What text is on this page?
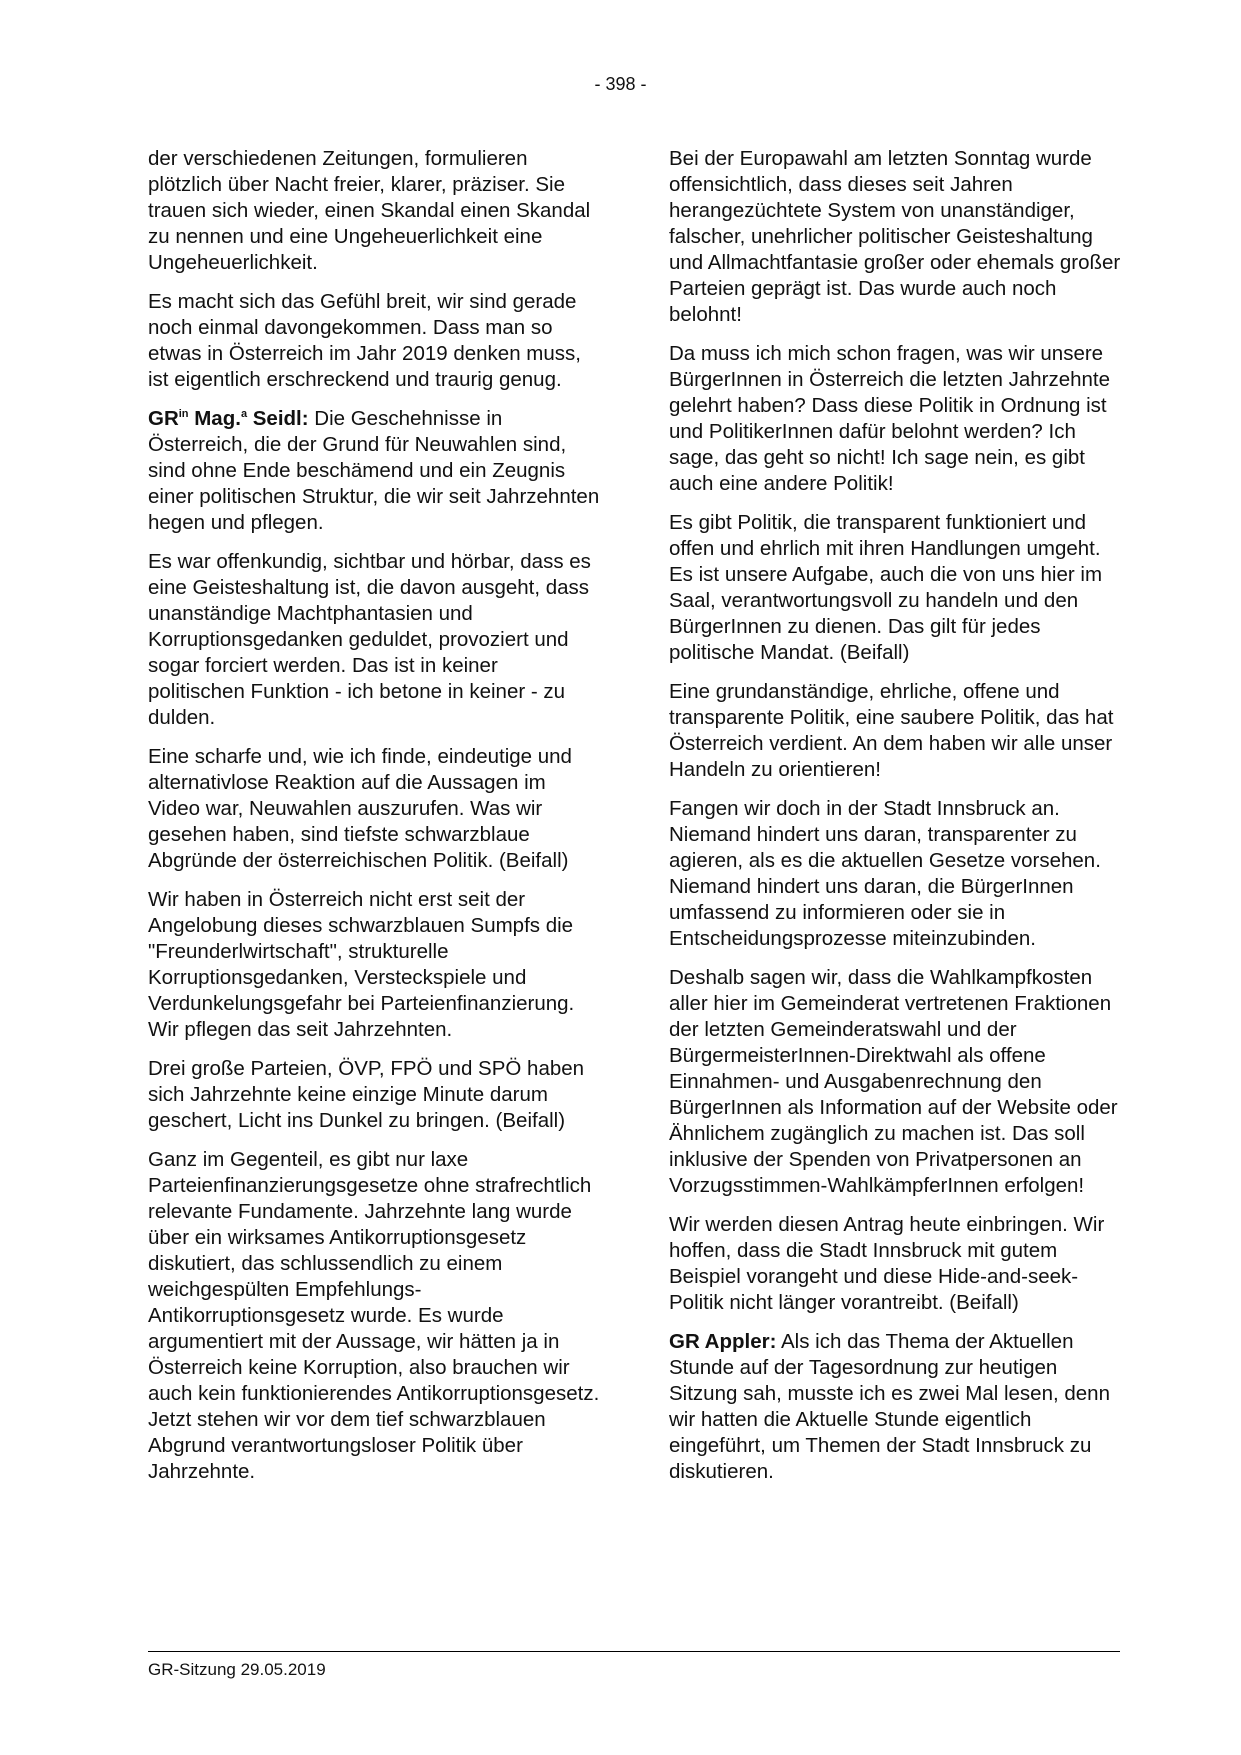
- 398 -

der verschiedenen Zeitungen, formulieren plötzlich über Nacht freier, klarer, präziser. Sie trauen sich wieder, einen Skandal einen Skandal zu nennen und eine Ungeheuerlichkeit eine Ungeheuerlichkeit.

Es macht sich das Gefühl breit, wir sind gerade noch einmal davongekommen. Dass man so etwas in Österreich im Jahr 2019 denken muss, ist eigentlich erschreckend und traurig genug.

$GR^{in}$ Mag.$^a$ Seidl: Die Geschehnisse in Österreich, die der Grund für Neuwahlen sind, sind ohne Ende beschämend und ein Zeugnis einer politischen Struktur, die wir seit Jahrzehnten hegen und pflegen.

Es war offenkundig, sichtbar und hörbar, dass es eine Geisteshaltung ist, die davon ausgeht, dass unanständige Machtphantasien und Korruptionsgedanken geduldet, provoziert und sogar forciert werden. Das ist in keiner politischen Funktion - ich betone in keiner - zu dulden.

Eine scharfe und, wie ich finde, eindeutige und alternativlose Reaktion auf die Aussagen im Video war, Neuwahlen auszurufen. Was wir gesehen haben, sind tiefste schwarzblaue Abgründe der österreichischen Politik. (Beifall)

Wir haben in Österreich nicht erst seit der Angelobung dieses schwarzblauen Sumpfs die "Freunderlwirtschaft", strukturelle Korruptionsgedanken, Versteckspiele und Verdunkelungsgefahr bei Parteienfinanzierung. Wir pflegen das seit Jahrzehnten.

Drei große Parteien, ÖVP, FPÖ und SPÖ haben sich Jahrzehnte keine einzige Minute darum geschert, Licht ins Dunkel zu bringen. (Beifall)

Ganz im Gegenteil, es gibt nur laxe Parteienfinanzierungsgesetze ohne strafrechtlich relevante Fundamente. Jahrzehnte lang wurde über ein wirksames Antikorruptionsgesetz diskutiert, das schlussendlich zu einem weichgespülten Empfehlungs-Antikorruptionsgesetz wurde. Es wurde argumentiert mit der Aussage, wir hätten ja in Österreich keine Korruption, also brauchen wir auch kein funktionierendes Antikorruptionsgesetz. Jetzt stehen wir vor dem tief schwarzblauen Abgrund verantwortungsloser Politik über Jahrzehnte.

Bei der Europawahl am letzten Sonntag wurde offensichtlich, dass dieses seit Jahren herangezüchtete System von unanständiger, falscher, unehrlicher politischer Geisteshaltung und Allmachtfantasie großer oder ehemals großer Parteien geprägt ist. Das wurde auch noch belohnt!

Da muss ich mich schon fragen, was wir unsere BürgerInnen in Österreich die letzten Jahrzehnte gelehrt haben? Dass diese Politik in Ordnung ist und PolitikerInnen dafür belohnt werden? Ich sage, das geht so nicht! Ich sage nein, es gibt auch eine andere Politik!

Es gibt Politik, die transparent funktioniert und offen und ehrlich mit ihren Handlungen umgeht. Es ist unsere Aufgabe, auch die von uns hier im Saal, verantwortungsvoll zu handeln und den BürgerInnen zu dienen. Das gilt für jedes politische Mandat. (Beifall)

Eine grundanständige, ehrliche, offene und transparente Politik, eine saubere Politik, das hat Österreich verdient. An dem haben wir alle unser Handeln zu orientieren!

Fangen wir doch in der Stadt Innsbruck an. Niemand hindert uns daran, transparenter zu agieren, als es die aktuellen Gesetze vorsehen. Niemand hindert uns daran, die BürgerInnen umfassend zu informieren oder sie in Entscheidungsprozesse miteinzubinden.

Deshalb sagen wir, dass die Wahlkampfkosten aller hier im Gemeinderat vertretenen Fraktionen der letzten Gemeinderatswahl und der BürgermeisterInnen-Direktwahl als offene Einnahmen- und Ausgabenrechnung den BürgerInnen als Information auf der Website oder Ähnlichem zugänglich zu machen ist. Das soll inklusive der Spenden von Privatpersonen an Vorzugsstimmen-WahlkämpferInnen erfolgen!

Wir werden diesen Antrag heute einbringen. Wir hoffen, dass die Stadt Innsbruck mit gutem Beispiel vorangeht und diese Hide-and-seek-Politik nicht länger vorantreibt. (Beifall)

GR Appler: Als ich das Thema der Aktuellen Stunde auf der Tagesordnung zur heutigen Sitzung sah, musste ich es zwei Mal lesen, denn wir hatten die Aktuelle Stunde eigentlich eingeführt, um Themen der Stadt Innsbruck zu diskutieren.

GR-Sitzung 29.05.2019
